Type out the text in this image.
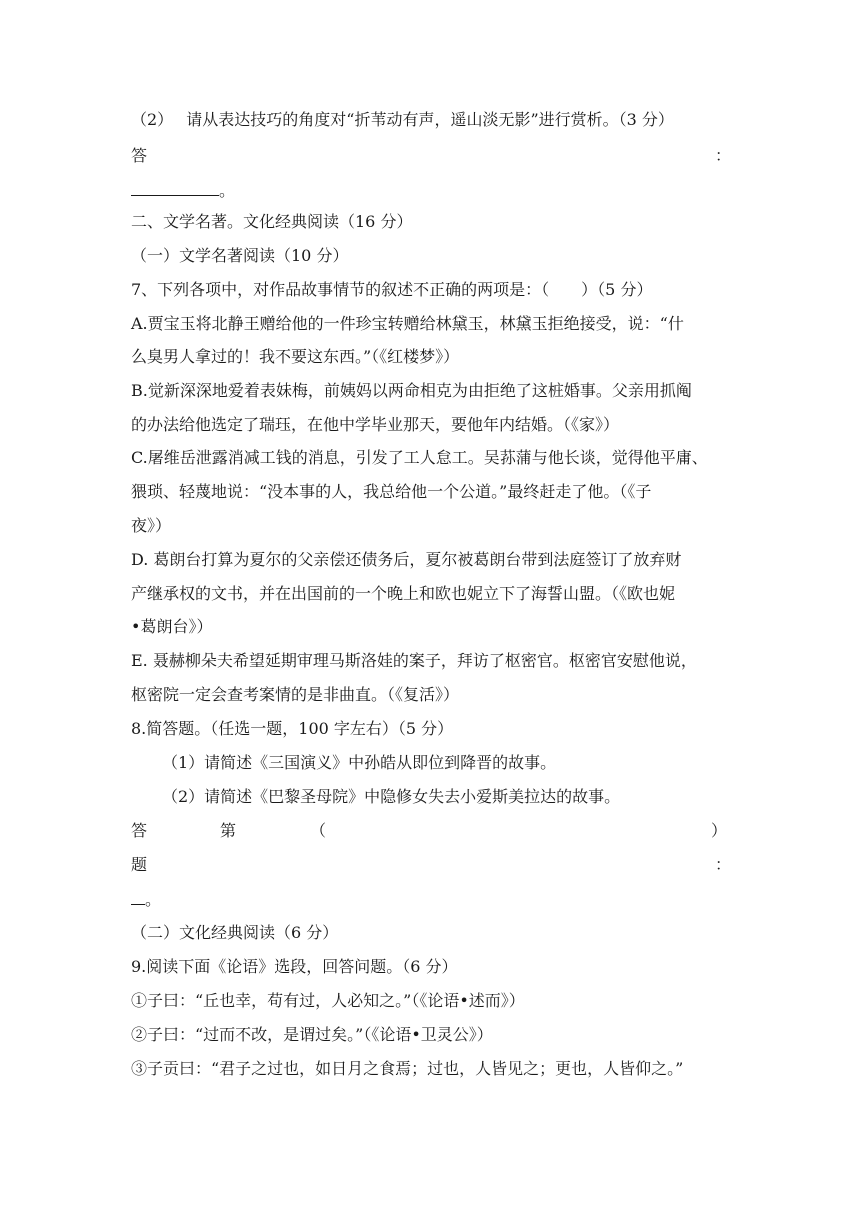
（2）　 请从表达技巧的角度对“折苇动有声，遥山淡无影”进行赏析。（3 分）
答	：
。
二、文学名著。文化经典阅读（16 分）
（一）文学名著阅读（10 分）
7、下列各项中，对作品故事情节的叙述不正确的两项是：（　　）（5 分）
A.贾宝玉将北静王赠给他的一件珍宝转赠给林黛玉，林黛玉拒绝接受，说：“什
么臭男人拿过的！我不要这东西。”（《红楼梦》）
B.觉新深深地爱着表妹梅，前姨妈以两命相克为由拒绝了这桩婚事。父亲用抓阄
的办法给他选定了瑞珏，在他中学毕业那天，要他年内结婚。（《家》）
C.屠维岳泄露消减工钱的消息，引发了工人怠工。吴荪蒲与他长谈，觉得他平庸、
猥琐、轻蔑地说：“没本事的人，我总给他一个公道。”最终赶走了他。（《子
夜》）
D. 葛朗台打算为夏尔的父亲偿还债务后，夏尔被葛朗台带到法庭签订了放弃财
产继承权的文书，并在出国前的一个晚上和欧也妮立下了海誓山盟。（《欧也妮
•葛朗台》）
E. 聂赫柳朵夫希望延期审理马斯洛娃的案子，拜访了枢密官。枢密官安慰他说，
枢密院一定会查考案情的是非曲直。（《复活》）
8.简答题。（任选一题，100 字左右）（5 分）
（1）请简述《三国演义》中孙皓从即位到降晋的故事。
（2）请简述《巴黎圣母院》中隐修女失去小爱斯美拉达的故事。
答	第	（	）
题	：
。
（二）文化经典阅读（6 分）
9.阅读下面《论语》选段，回答问题。（6 分）
①子曰：“丘也幸，苟有过，人必知之。”（《论语•述而》）
②子曰：“过而不改，是谓过矣。”（《论语•卫灵公》）
③子贡曰：“君子之过也，如日月之食焉；过也，人皆见之；更也，人皆仰之。”
